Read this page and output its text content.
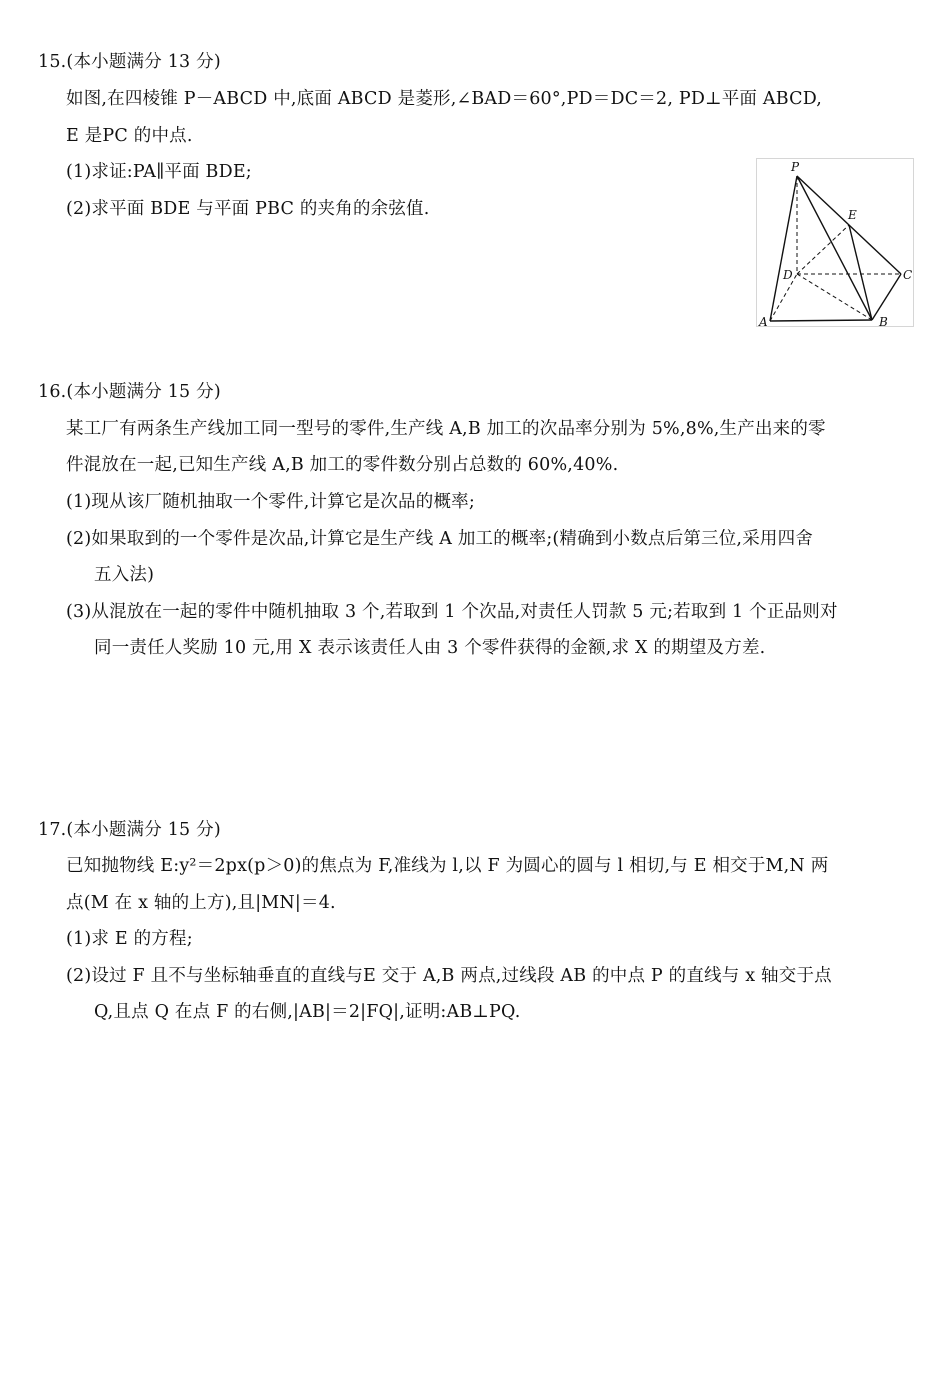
15.(本小题满分 13 分)
如图,在四棱锥 P－ABCD 中,底面 ABCD 是菱形,∠BAD＝60°,PD＝DC＝2, PD⊥平面 ABCD,
E 是PC 的中点.
(1)求证:PA∥平面 BDE;
(2)求平面 BDE 与平面 PBC 的夹角的余弦值.
P
E
D	C
A	B
16.(本小题满分 15 分)
某工厂有两条生产线加工同一型号的零件,生产线 A,B 加工的次品率分别为 5%,8%,生产出来的零
件混放在一起,已知生产线 A,B 加工的零件数分别占总数的 60%,40%.
(1)现从该厂随机抽取一个零件,计算它是次品的概率;
(2)如果取到的一个零件是次品,计算它是生产线 A 加工的概率;(精确到小数点后第三位,采用四舍
五入法)
(3)从混放在一起的零件中随机抽取 3 个,若取到 1 个次品,对责任人罚款 5 元;若取到 1 个正品则对
同一责任人奖励 10 元,用 X 表示该责任人由 3 个零件获得的金额,求 X 的期望及方差.
17.(本小题满分 15 分)
已知抛物线 E:y²＝2px(p＞0)的焦点为 F,准线为 l,以 F 为圆心的圆与 l 相切,与 E 相交于M,N 两
点(M 在 x 轴的上方),且|MN|＝4.
(1)求 E 的方程;
(2)设过 F 且不与坐标轴垂直的直线与E 交于 A,B 两点,过线段 AB 的中点 P 的直线与 x 轴交于点
Q,且点 Q 在点 F 的右侧,|AB|＝2|FQ|,证明:AB⊥PQ.
